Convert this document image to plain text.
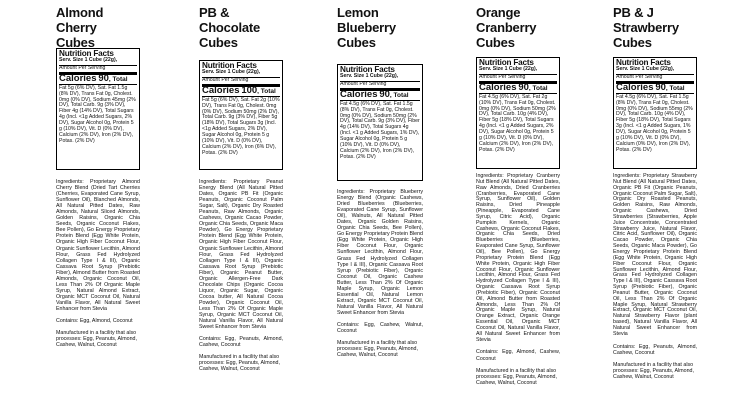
Almond Cherry
Cubes
Nutrition Facts
Serv. Size 1 Cube (22g),
Amount Per Serving
Calories 90, Total
Fat 5g (6% DV), Sat. Fat 1.5g (8% DV), Trans Fat 0g, Cholest. 0mg (0% DV), Sodium 45mg (2% DV), Total Carb. 9g (3% DV), Fiber 4g (14% DV), Total Sugars 4g (Incl. <1g Added Sugars, 2% DV), Sugar Alcohol 0g, Protein 5 g (10% DV), Vit. D (0% DV), Calcium (2% DV), Iron (2% DV), Potas. (2% DV)
Ingredients: Proprietary Almond Cherry Blend (Dried Tart Cherries (Cherries, Evaporated Cane Syrup, Sunflower Oil), Blanched Almonds, All Natural Pitted Dates, Raw Almonds, Natural Sliced Almonds, Golden Raisins, Organic Chia Seeds, Organic Coconut Flakes, Bee Pollen), Go Energy Proprietary Protein Blend (Egg White Protein, Organic High Fiber Coconut Flour, Organic Sunflower Lecithin, Almond Flour, Grass Fed Hydrolyzed Collagen Type I & III), Organic Cassava Root Syrup (Prebiotic Fiber), Almond Butter from Roasted Almonds, Organic Coconut Oil, Less Than 2% Of Organic Maple Syrup, Natural Almond Extract, Organic MCT Coconut Oil, Natural Vanilla Flavor, All Natural Sweet Enhancer from Stevia
Contains: Egg, Almond, Coconut
Manufactured in a facility that also processes: Egg, Peanuts, Almond, Cashew, Walnut, Coconut
PB &
Chocolate
Cubes
Nutrition Facts
Serv. Size 1 Cube (22g),
Amount Per Serving
Calories 100, Total
Fat 5g (6% DV), Sat. Fat 2g (10% DV), Trans Fat 0g, Cholest. 0mg (0% DV), Sodium 50mg (2% DV), Total Carb. 9g (3% DV), Fiber 5g (18% DV), Total Sugars 3g (Incl. <1g Added Sugars, 2% DV), Sugar Alcohol 0g, Protein 5 g (10% DV), Vit. D (0% DV), Calcium (2% DV), Iron (6% DV), Potas. (2% DV)
Ingredients: Proprietary Peanut Energy Blend (All Natural Pitted Dates, Organic PB Fit (Organic Peanuts, Organic Coconut Palm Sugar, Salt), Organic Dry Roasted Peanuts, Raw Almonds, Organic Cashews, Organic Cacao Powder, Organic Chia Seeds, Organic Maca Powder), Go Energy Proprietary Protein Blend (Egg White Protein, Organic High Fiber Coconut Flour, Organic Sunflower Lecithin, Almond Flour, Grass Fed Hydrolyzed Collagen Type I & III), Organic Cassava Root Syrup (Prebiotic Fiber), Organic Peanut Butter, Organic Allergen-Free Dark Chocolate Chips (Organic Cocoa Liquor, Organic Sugar, Organic Cocoa butter, All Natural Cocoa Powder), Organic Coconut Oil, Less Than 2% Of Organic Maple Syrup, Organic MCT Coconut Oil, Natural Vanilla Flavor, All Natural Sweet Enhancer from Stevia
Contains: Egg, Peanuts, Almond, Cashew, Coconut
Manufactured in a facility that also processes: Egg, Peanuts, Almond, Cashew, Walnut, Coconut
Lemon
Blueberry
Cubes
Nutrition Facts
Serv. Size 1 Cube (22g),
Amount Per Serving
Calories 90, Total
Fat 4.5g (6% DV), Sat. Fat 1.5g (8% DV), Trans Fat 0g, Cholest. 0mg (0% DV), Sodium 50mg (2% DV), Total Carb. 9g (3% DV), Fiber 4g (14% DV), Total Sugars 4g (Incl. <1 g Added Sugars, 1% DV), Sugar Alcohol 0g, Protein 5 g (10% DV), Vit. D (0% DV), Calcium (2% DV), Iron (2% DV), Potas. (2% DV)
Ingredients: Proprietary Blueberry Energy Blend (Organic Cashews, Dried Blueberries (Blueberries, Evaporated Cane Syrup, Sunflower Oil), Walnuts, All Natural Pitted Dates, Organic Golden Raisins, Organic Chia Seeds, Bee Pollen), Go Energy Proprietary Protein Blend (Egg White Protein, Organic High Fiber Coconut Flour, Organic Sunflower Lecithin, Almond Flour, Grass Fed Hydrolyzed Collagen Type I & III), Organic Cassava Root Syrup (Prebiotic Fiber), Organic Coconut Oil, Organic Cashew Butter, Less Than 2% Of Organic Maple Syrup, Organic Lemon Essential Oil, Natural Lemon Extract, Organic MCT Coconut Oil, Natural Vanilla Flavor, All Natural Sweet Enhancer from Stevia
Contains: Egg, Cashew, Walnut, Coconut
Manufactured in a facility that also processes: Egg, Peanuts, Almond, Cashew, Walnut, Coconut
Orange
Cranberry
Cubes
Nutrition Facts
Serv. Size 1 Cube (22g),
Amount Per Serving
Calories 90, Total
Fat 4.5g (6% DV), Sat. Fat 2g (10% DV), Trans Fat 0g, Cholest. 0mg (0% DV), Sodium 50mg (2% DV), Total Carb. 10g (4% DV), Fiber 5g (18% DV), Total Sugars 4g (Incl. <1 g Added Sugars, 2% DV), Sugar Alcohol 0g, Protein 5 g (10% DV), Vit. D (0% DV), Calcium (2% DV), Iron (2% DV), Potas. (2% DV)
Ingredients: Proprietary Cranberry Nut Blend (All Natural Pitted Dates, Raw Almonds, Dried Cranberries (Cranberries, Evaporated Cane Syrup, Sunflower Oil), Golden Raisins, Dried Pineapple (Pineapple, Evaporated Cane Syrup, Citric Acid), Organic Pumpkin Kernels, Organic Cashews, Organic Coconut Flakes, Organic Chia Seeds, Dried Blueberries (Blueberries, Evaporated Cane Syrup, Sunflower Oil), Bee Pollen), Go Energy Proprietary Protein Blend (Egg White Protein, Organic High Fiber Coconut Flour, Organic Sunflower Lecithin, Almond Flour, Grass Fed Hydrolyzed Collagen Type I & III), Organic Cassava Root Syrup (Prebiotic Fiber), Organic Coconut Oil, Almond Butter from Roasted Almonds, Less Than 2% Of Organic Maple Syrup, Natural Orange Extract, Organic Orange Essential Oil, Organic MCT Coconut Oil, Natural Vanilla Flavor, All Natural Sweet Enhancer from Stevia
Contains: Egg, Almond, Cashew, Coconut
Manufactured in a facility that also processes: Egg, Peanuts, Almond, Cashew, Walnut, Coconut
PB & J
Strawberry
Cubes
Nutrition Facts
Serv. Size 1 Cube (22g),
Amount Per Serving
Calories 90, Total
Fat 4.5g (6% DV), Sat. Fat 1.5g (8% DV), Trans Fat 0g, Cholest. 0mg (0% DV), Sodium 55mg (2% DV), Total Carb. 10g (4% DV), Fiber 5g (18% DV), Total Sugars 3g (Incl. <1 g Added Sugars, 1% DV), Sugar Alcohol 0g, Protein 5 g (10% DV), Vit. D (0% DV), Calcium (0% DV), Iron (2% DV), Potas. (2% DV)
Ingredients: Proprietary Strawberry Nut Blend (All Natural Pitted Dates, Organic PB Fit (Organic Peanuts, Organic Coconut Palm Sugar, Salt), Organic Dry Roasted Peanuts, Golden Raisins, Raw Almonds, Organic Cashews, Dried Strawberries (Strawberries, Apple Juice Concentrate, Concentrated Strawberry Juice, Natural Flavor, Citric Acid, Sunflower Oil), Organic Cacao Powder, Organic Chia Seeds, Organic Maca Powder), Go Energy Proprietary Protein Blend (Egg White Protein, Organic High Fiber Coconut Flour, Organic Sunflower Lecithin, Almond Flour, Grass Fed Hydrolyzed Collagen Type I & III), Organic Cassava Root Syrup (Prebiotic Fiber), Organic Peanut Butter, Organic Coconut Oil, Less Than 2% Of Organic Maple Syrup, Natural Strawberry Extract, Organic MCT Coconut Oil, Natural Strawberry Flavor (plant based), Natural Vanilla Flavor, All Natural Sweet Enhancer from Stevia
Contains: Egg, Peanuts, Almond, Cashew, Coconut
Manufactured in a facility that also processes: Egg, Peanuts, Almond, Cashew, Walnut, Coconut
